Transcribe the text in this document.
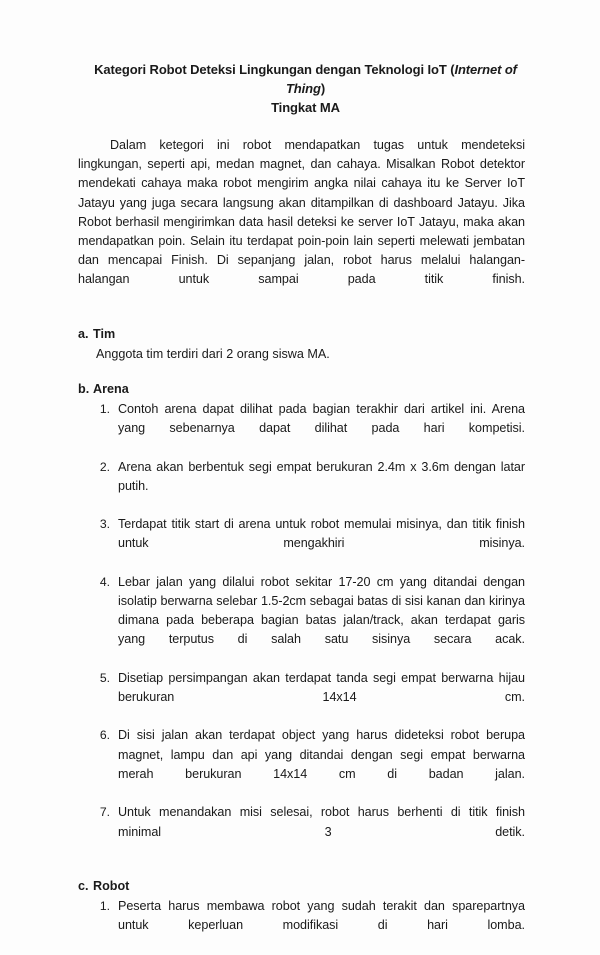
Kategori Robot Deteksi Lingkungan dengan Teknologi IoT (Internet of Thing)
Tingkat MA

Dalam ketegori ini robot mendapatkan tugas untuk mendeteksi lingkungan, seperti api, medan magnet, dan cahaya. Misalkan Robot detektor mendekati cahaya maka robot mengirim angka nilai cahaya itu ke Server IoT Jatayu yang juga secara langsung akan ditampilkan di dashboard Jatayu. Jika Robot berhasil mengirimkan data hasil deteksi ke server IoT Jatayu, maka akan mendapatkan poin. Selain itu terdapat poin-poin lain seperti melewati jembatan dan mencapai Finish. Di sepanjang jalan, robot harus melalui halangan-halangan untuk sampai pada titik finish.

a. Tim
Anggota tim terdiri dari 2 orang siswa MA.
b. Arena
1. Contoh arena dapat dilihat pada bagian terakhir dari artikel ini. Arena yang sebenarnya dapat dilihat pada hari kompetisi.
2. Arena akan berbentuk segi empat berukuran 2.4m x 3.6m dengan latar putih.
3. Terdapat titik start di arena untuk robot memulai misinya, dan titik finish untuk mengakhiri misinya.
4. Lebar jalan yang dilalui robot sekitar 17-20 cm yang ditandai dengan isolatip berwarna selebar 1.5-2cm sebagai batas di sisi kanan dan kirinya dimana pada beberapa bagian batas jalan/track, akan terdapat garis yang terputus di salah satu sisinya secara acak.
5. Disetiap persimpangan akan terdapat tanda segi empat berwarna hijau berukuran 14x14 cm.
6. Di sisi jalan akan terdapat object yang harus dideteksi robot berupa magnet, lampu dan api yang ditandai dengan segi empat berwarna merah berukuran 14x14 cm di badan jalan.
7. Untuk menandakan misi selesai, robot harus berhenti di titik finish minimal 3 detik.
c. Robot
1. Peserta harus membawa robot yang sudah terakit dan sparepartnya untuk keperluan modifikasi di hari lomba.
